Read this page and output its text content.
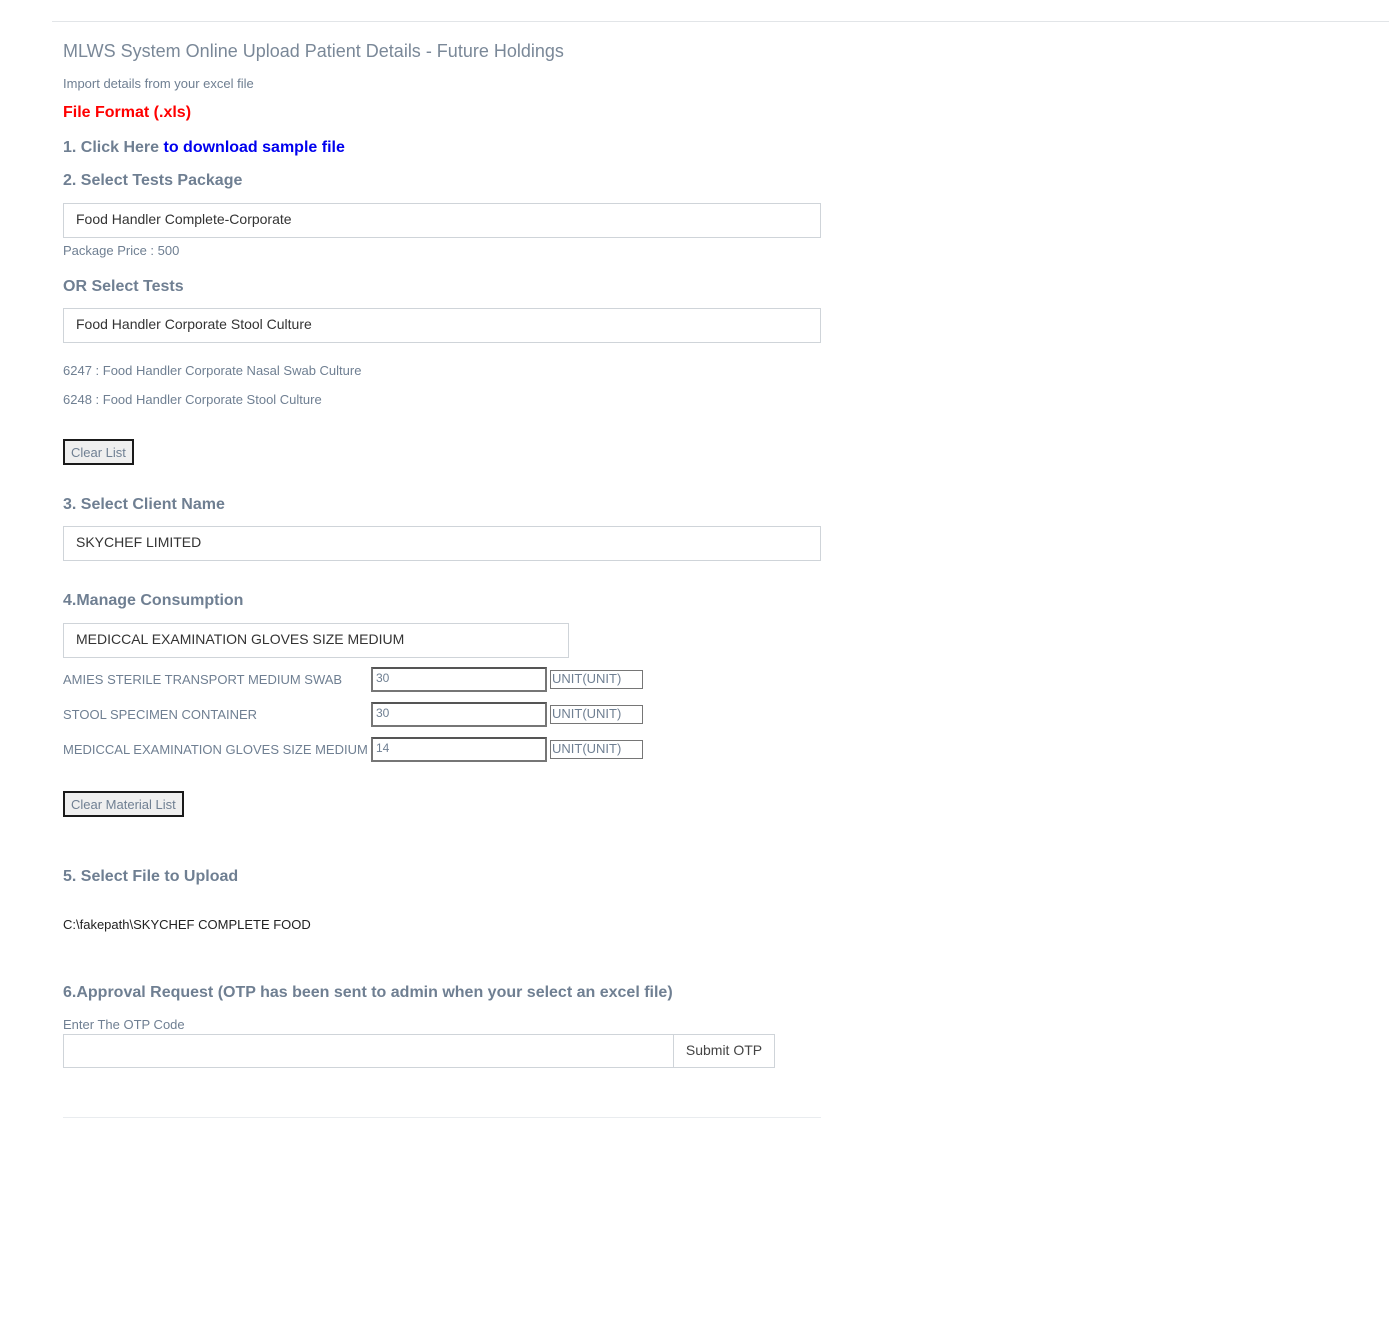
MLWS System Online Upload Patient Details - Future Holdings
Import details from your excel file
File Format (.xls)
1. Click Here to download sample file
2. Select Tests Package
Food Handler Complete-Corporate
Package Price : 500
OR Select Tests
Food Handler Corporate Stool Culture
6247 : Food Handler Corporate Nasal Swab Culture
6248 : Food Handler Corporate Stool Culture
Clear List
3. Select Client Name
SKYCHEF LIMITED
4.Manage Consumption
MEDICCAL EXAMINATION GLOVES SIZE MEDIUM
AMIES STERILE TRANSPORT MEDIUM SWAB	30	UNIT(UNIT)
STOOL SPECIMEN CONTAINER	30	UNIT(UNIT)
MEDICCAL EXAMINATION GLOVES SIZE MEDIUM 14	UNIT(UNIT)
Clear Material List
5. Select File to Upload
C:\fakepath\SKYCHEF COMPLETE FOOD
6.Approval Request (OTP has been sent to admin when your select an excel file)
Enter The OTP Code
Submit OTP
